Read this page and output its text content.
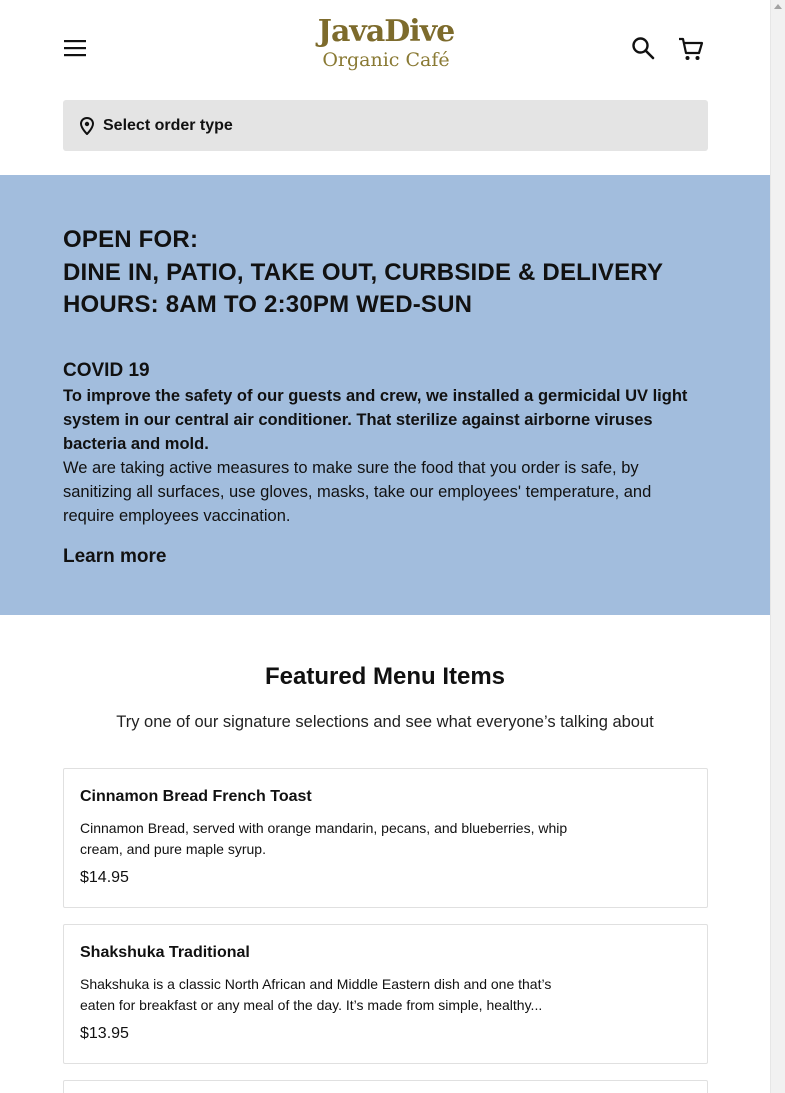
JavaDive
Organic Café
Select order type

OPEN FOR:

DINE IN, PATIO, TAKE OUT, CURBSIDE & DELIVERY

HOURS: 8AM TO 2:30PM WED-SUN

COVID 19

To improve the safety of our guests and crew, we installed a germicidal UV light

system in our central air conditioner. That sterilize against airborne viruses

bacteria and mold.

We are taking active measures to make sure the food that you order is safe, by

sanitizing all surfaces, use gloves, masks, take our employees' temperature, and

require employees vaccination.

Learn more
Featured Menu Items
Try one of our signature selections and see what everyone’s talking about
Cinnamon Bread French Toast
Cinnamon Bread, served with orange mandarin, pecans, and blueberries, whip
cream, and pure maple syrup.
$14.95
Shakshuka Traditional
Shakshuka is a classic North African and Middle Eastern dish and one that’s
eaten for breakfast or any meal of the day. It’s made from simple, healthy...
$13.95
